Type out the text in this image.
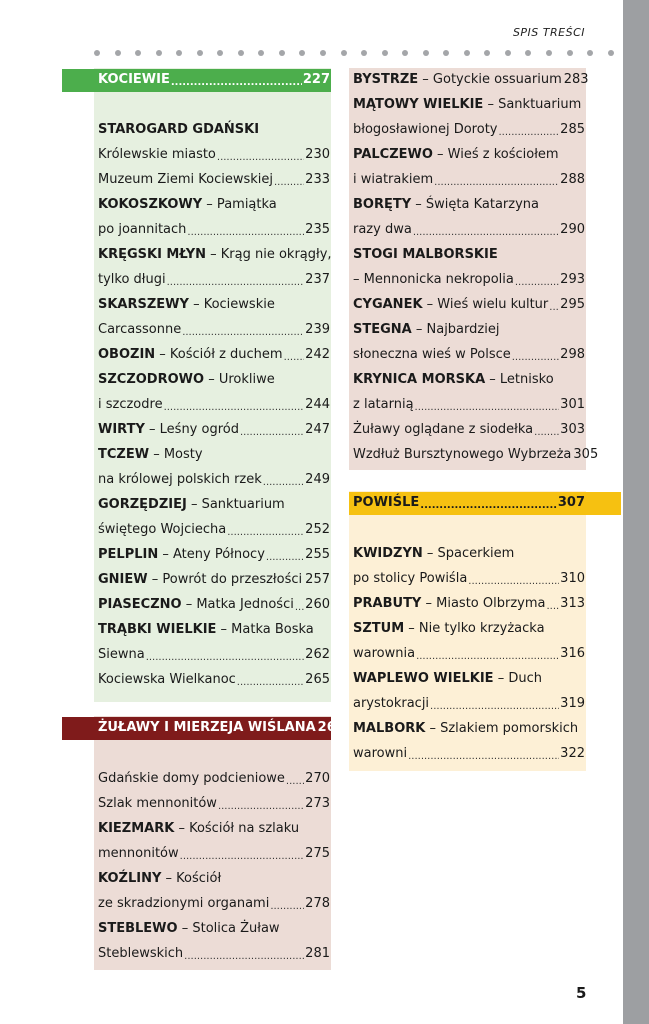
SPIS TREŚCI
KOCIEWIE .....	227
STAROGARD GDAŃSKI
Królewskie miasto .....	230
Muzeum Ziemi Kociewskiej ..... 233
KOKOSZKOWY – Pamiątka
po joannitach .....	235
KRĘGSKI MŁYN – Krąg nie okrągły,
tylko długi .....	237
SKARSZEWY – Kociewskie
Carcassonne .....	239
OBOZIN – Kościół z duchem ..... 242
SZCZODROWO – Urokliwe
i szczodre .....	244
WIRTY – Leśny ogród .....	247
TCZEW – Mosty
na królowej polskich rzek .....	249
GORZĘDZIEJ – Sanktuarium
świętego Wojciecha .....	252
PELPLIN – Ateny Północy .....	255
GNIEW – Powrót do przeszłości ..... 257
PIASECZNO – Matka Jedności ..... 260
TRĄBKI WIELKIE – Matka Boska
Siewna .....	262
Kociewska Wielkanoc .....	265
ŻUŁAWY I MIERZEJA WIŚLANA 267
Gdańskie domy podcieniowe ..... 270
Szlak mennonitów .....	273
KIEZMARK – Kościół na szlaku
mennonitów .....	275
KOŹLINY – Kościół
ze skradzionymi organami .....	278
STEBLEWO – Stolica Żuław
Steblewskich .....	281
BYSTRZE – Gotyckie ossuarium 283
MĄTOWY WIELKIE – Sanktuarium
błogosławionej Doroty .....	285
PALCZEWO – Wieś z kościołem
i wiatrakiem .....	288
BORĘTY – Święta Katarzyna
razy dwa .....	290
STOGI MALBORSKIE
– Mennonicka nekropolia .....	293
CYGANEK – Wieś wielu kultur ..... 295
STEGNA – Najbardziej
słoneczna wieś w Polsce .....	298
KRYNICA MORSKA – Letnisko
z latarnią .....	301
Żuławy oglądane z siodełka ..... 303
Wzdłuż Bursztynowego Wybrzeża 305
POWIŚLE .....	307
KWIDZYN – Spacerkiem
po stolicy Powiśla .....	310
PRABUTY – Miasto Olbrzyma ..... 313
SZTUM – Nie tylko krzyżacka
warownia .....	316
WAPLEWO WIELKIE – Duch
arystokracji .....	319
MALBORK – Szlakiem pomorskich
warowni .....	322
5
